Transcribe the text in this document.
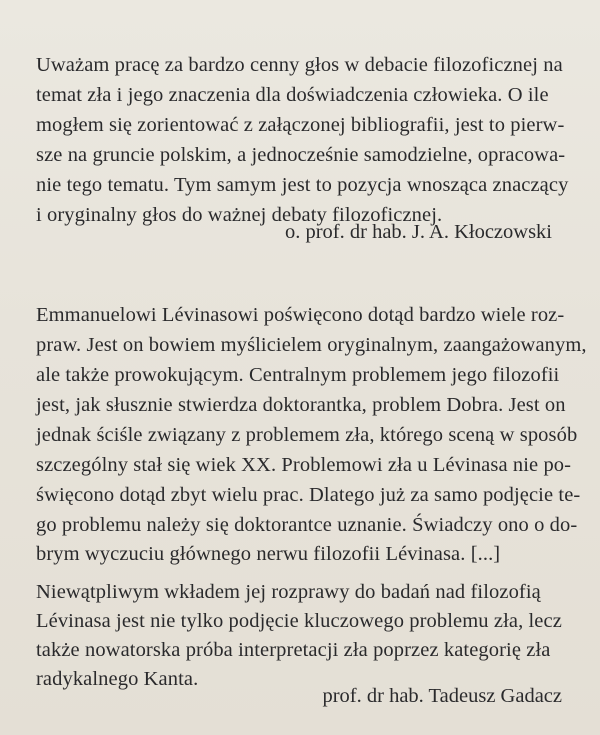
Uważam pracę za bardzo cenny głos w debacie filozoficznej na
temat zła i jego znaczenia dla doświadczenia człowieka. O ile
mogłem się zorientować z załączonej bibliografii, jest to pierw-
sze na gruncie polskim, a jednocześnie samodzielne, opracowa-
nie tego tematu. Tym samym jest to pozycja wnosząca znaczący
i oryginalny głos do ważnej debaty filozoficznej.
o. prof. dr hab. J. A. Kłoczowski
Emmanuelowi Lévinasowi poświęcono dotąd bardzo wiele roz-
praw. Jest on bowiem myślicielem oryginalnym, zaangażowanym,
ale także prowokującym. Centralnym problemem jego filozofii
jest, jak słusznie stwierdza doktorantka, problem Dobra. Jest on
jednak ściśle związany z problemem zła, którego sceną w sposób
szczególny stał się wiek XX. Problemowi zła u Lévinasa nie po-
święcono dotąd zbyt wielu prac. Dlatego już za samo podjęcie te-
go problemu należy się doktorantce uznanie. Świadczy ono o do-
brym wyczuciu głównego nerwu filozofii Lévinasa. [...]
Niewątpliwym wkładem jej rozprawy do badań nad filozofią
Lévinasa jest nie tylko podjęcie kluczowego problemu zła, lecz
także nowatorska próba interpretacji zła poprzez kategorię zła
radykalnego Kanta.
prof. dr hab. Tadeusz Gadacz
